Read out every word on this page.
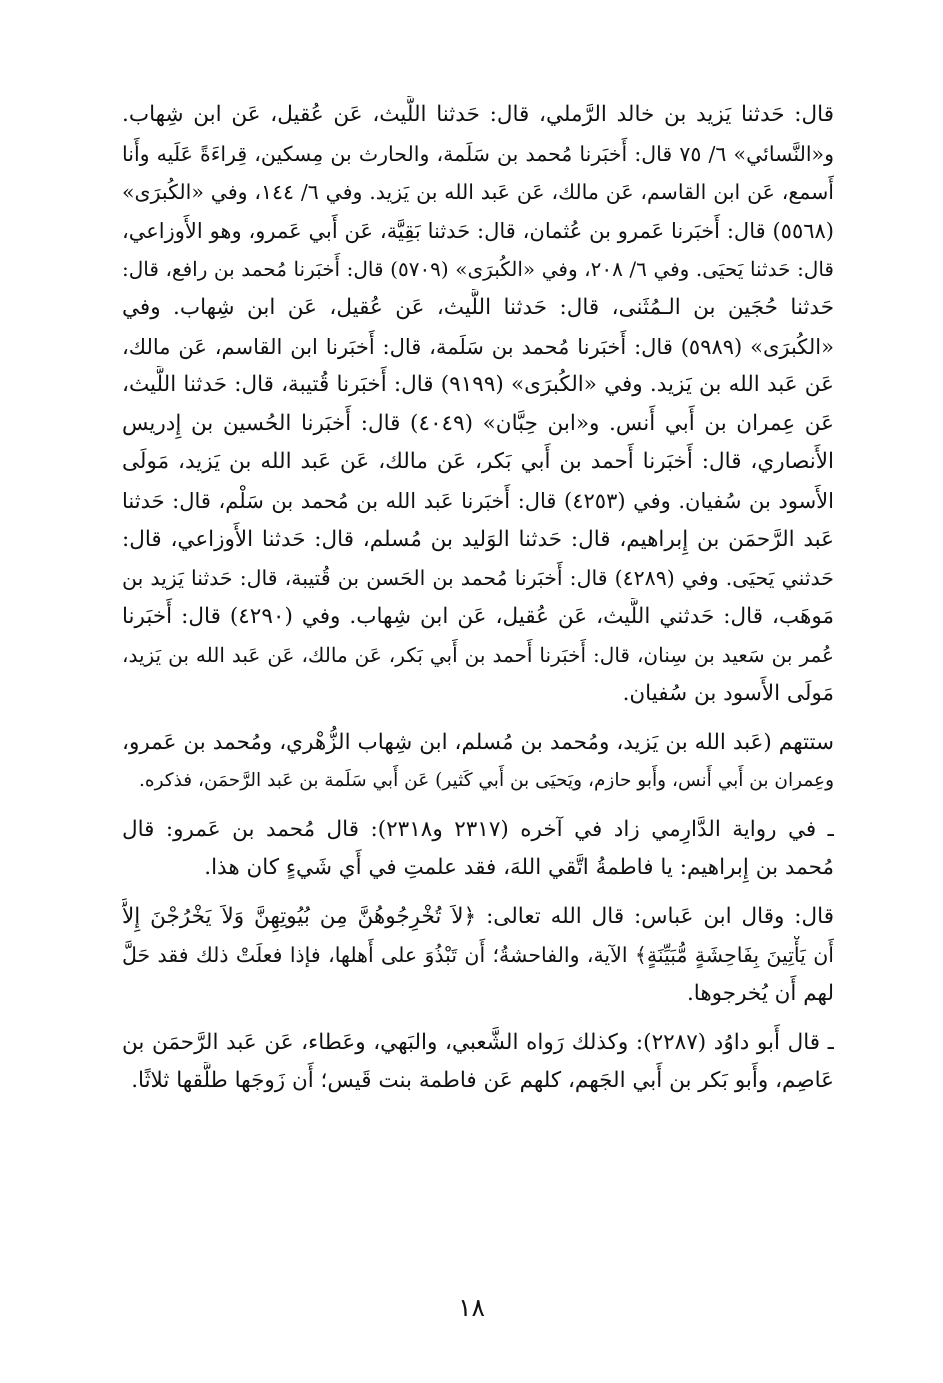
قال: حَدثنا يَزيد بن خالد الرَّملي، قال: حَدثنا اللَّيث، عَن عُقيل، عَن ابن شِهاب.
و«النَّسائي» ٦/ ٧٥ قال: أَخبَرنا مُحمد بن سَلَمة، والحارث بن مِسكين، قِراءَةً عَلَيه وأَنا
أَسمع، عَن ابن القاسم، عَن مالك، عَن عَبد الله بن يَزيد. وفي ٦/ ١٤٤، وفي «الكُبرَى»
(٥٥٦٨) قال: أَخبَرنا عَمرو بن عُثمان، قال: حَدثنا بَقِيَّة، عَن أَبي عَمرو، وهو الأَوزاعي،
قال: حَدثنا يَحيَى. وفي ٦/ ٢٠٨، وفي «الكُبرَى» (٥٧٠٩) قال: أَخبَرنا مُحمد بن رافع، قال:
حَدثنا حُجَين بن الـمُثَنى، قال: حَدثنا اللَّيث، عَن عُقيل، عَن ابن شِهاب. وفي
«الكُبرَى» (٥٩٨٩) قال: أَخبَرنا مُحمد بن سَلَمة، قال: أَخبَرنا ابن القاسم، عَن مالك،
عَن عَبد الله بن يَزيد. وفي «الكُبرَى» (٩١٩٩) قال: أَخبَرنا قُتيبة، قال: حَدثنا اللَّيث،
عَن عِمران بن أَبي أَنس. و«ابن حِبَّان» (٤٠٤٩) قال: أَخبَرنا الحُسين بن إِدريس
الأَنصاري، قال: أَخبَرنا أَحمد بن أَبي بَكر، عَن مالك، عَن عَبد الله بن يَزيد، مَولَى
الأَسود بن سُفيان. وفي (٤٢٥٣) قال: أَخبَرنا عَبد الله بن مُحمد بن سَلْم، قال: حَدثنا
عَبد الرَّحمَن بن إِبراهيم، قال: حَدثنا الوَليد بن مُسلم، قال: حَدثنا الأَوزاعي، قال:
حَدثني يَحيَى. وفي (٤٢٨٩) قال: أَخبَرنا مُحمد بن الحَسن بن قُتيبة، قال: حَدثنا يَزيد بن
مَوهَب، قال: حَدثني اللَّيث، عَن عُقيل، عَن ابن شِهاب. وفي (٤٢٩٠) قال: أَخبَرنا
عُمر بن سَعيد بن سِنان، قال: أَخبَرنا أَحمد بن أَبي بَكر، عَن مالك، عَن عَبد الله بن يَزيد،
مَولَى الأَسود بن سُفيان.
ستتهم (عَبد الله بن يَزيد، ومُحمد بن مُسلم، ابن شِهاب الزُّهْري، ومُحمد بن عَمرو،
وعِمران بن أَبي أَنس، وأَبو حازم، ويَحيَى بن أَبي كَثير) عَن أَبي سَلَمة بن عَبد الرَّحمَن، فذكره.
ـ في رواية الدَّارِمي زاد في آخره (٢٣١٧ و٢٣١٨): قال مُحمد بن عَمرو: قال
مُحمد بن إِبراهيم: يا فاطمةُ اتَّقي اللهَ، فقد علمتِ في أَي شَيءٍ كان هذا.
قال: وقال ابن عَباس: قال الله تعالى: ﴿لاَ تُخْرِجُوهُنَّ مِن بُيُوتِهِنَّ وَلاَ يَخْرُجْنَ إِلاَّ
أَن يَأْتِينَ بِفَاحِشَةٍ مُّبَيِّنَةٍ﴾ الآية، والفاحشةُ؛ أَن تَبْذُوَ على أَهلها، فإذا فعلَتْ ذلك فقد حَلَّ
لهم أَن يُخرجوها.
ـ قال أَبو داوُد (٢٢٨٧): وكذلك رَواه الشَّعبي، والبَهي، وعَطاء، عَن عَبد الرَّحمَن بن
عَاصِم، وأَبو بَكر بن أَبي الجَهم، كلهم عَن فاطمة بنت قَيس؛ أَن زَوجَها طلَّقها ثلاثًا.
١٨
